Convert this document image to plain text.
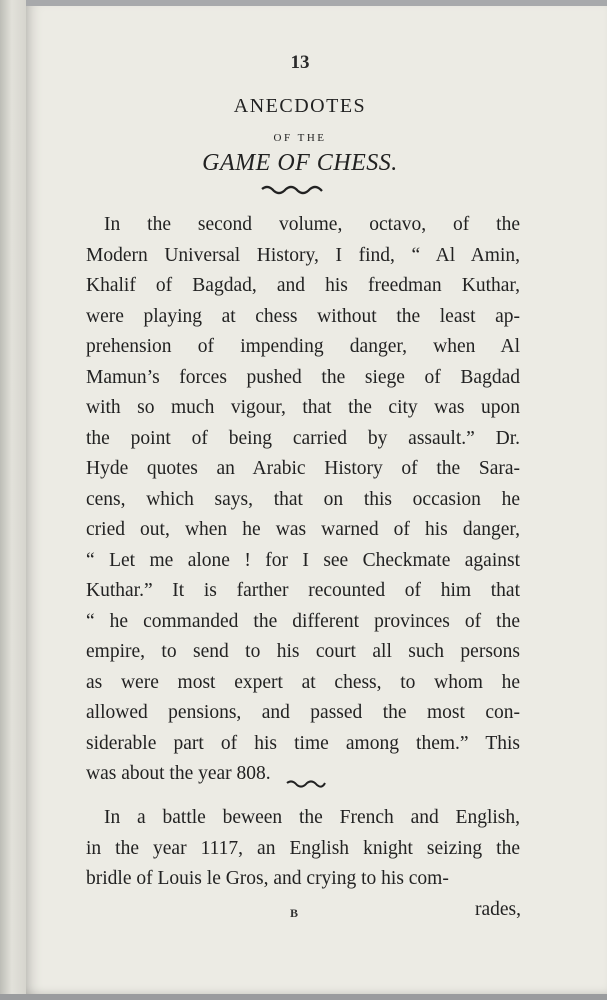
13
ANECDOTES
OF THE
GAME OF CHESS.
In the second volume, octavo, of the
Modern Universal History, I find, “ Al Amin,
Khalif of Bagdad, and his freedman Kuthar,
were playing at chess without the least ap-
prehension of impending danger, when Al
Mamun’s forces pushed the siege of Bagdad
with so much vigour, that the city was upon
the point of being carried by assault.” Dr.
Hyde quotes an Arabic History of the Sara-
cens, which says, that on this occasion he
cried out, when he was warned of his danger,
“ Let me alone ! for I see Checkmate against
Kuthar.” It is farther recounted of him that
“ he commanded the different provinces of the
empire, to send to his court all such persons
as were most expert at chess, to whom he
allowed pensions, and passed the most con-
siderable part of his time among them.” This
was about the year 808.
In a battle beween the French and English,
in the year 1117, an English knight seizing the
bridle of Louis le Gros, and crying to his com-
B	rades,
